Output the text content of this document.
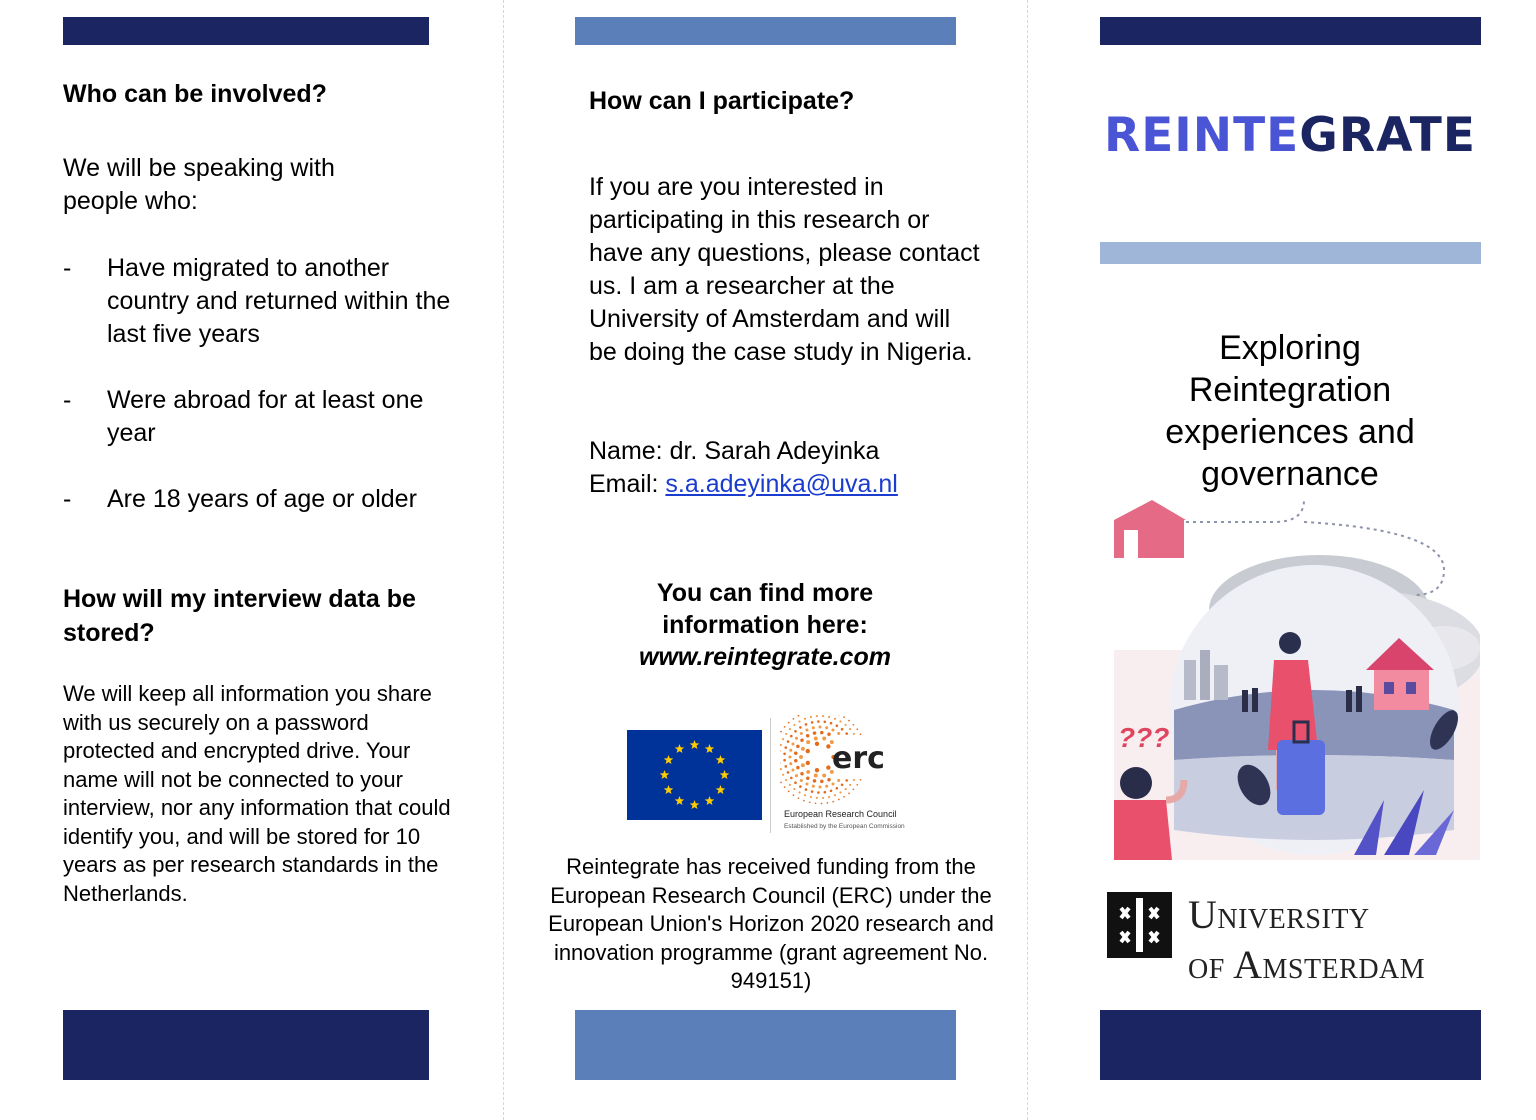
Who can be involved?

We will be speaking with people who:

- Have migrated to another country and returned within the last five years
- Were abroad for at least one year
- Are 18 years of age or older
How will my interview data be stored?

We will keep all information you share with us securely on a password protected and encrypted drive. Your name will not be connected to your interview, nor any information that could identify you, and will be stored for 10 years as per research standards in the Netherlands.

How can I participate?

If you are you interested in participating in this research or have any questions, please contact us. I am a researcher at the University of Amsterdam and will be doing the case study in Nigeria.

Name: dr. Sarah Adeyinka

Email: s.a.adeyinka@uva.nl

You can find more
information here:
www.reintegrate.com
erc
European Research Council
Established by the European Commission

Reintegrate has received funding from the European Research Council (ERC) under the European Union's Horizon 2020 research and innovation programme (grant agreement No. 949151)

REINTEGRATE
Exploring Reintegration experiences and governance
???
University
of Amsterdam
